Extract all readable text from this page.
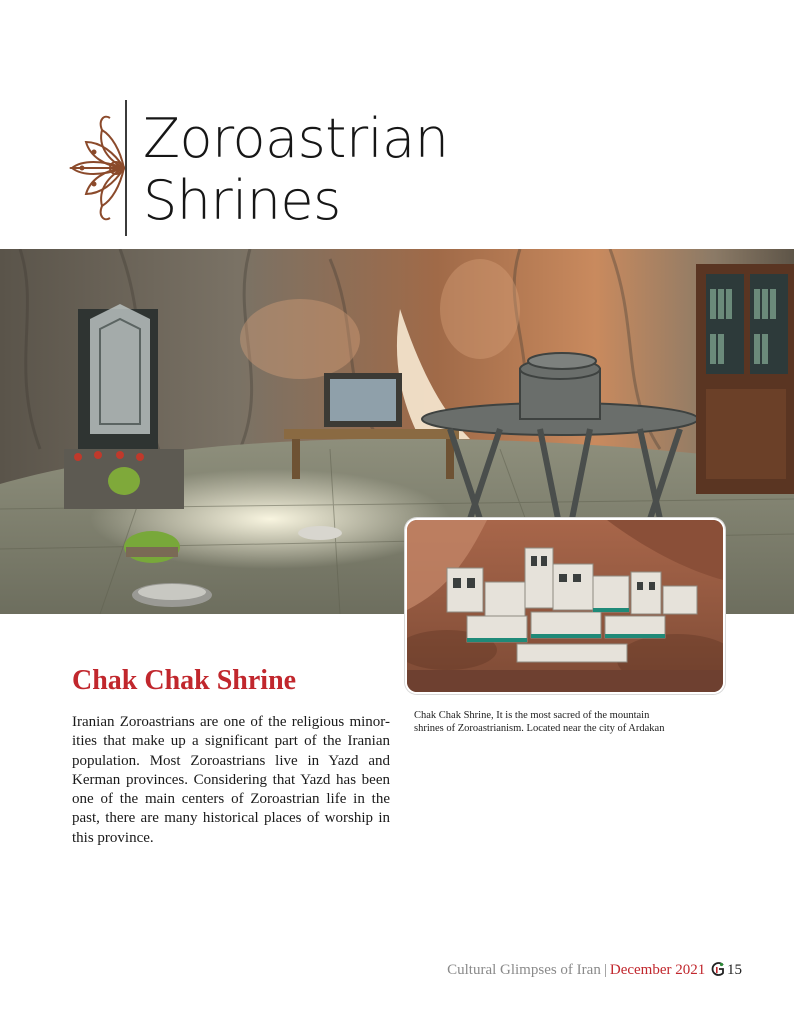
Zoroastrian
Shrines
Chak Chak Shrine
Chak Chak Shrine, It is the most sacred of the mountain
shrines of Zoroastrianism. Located near the city of Ardakan
Iranian Zoroastrians are one of the religious minor-
ities that make up a significant part of the Iranian
population. Most Zoroastrians live in Yazd and
Kerman provinces. Considering that Yazd has been
one of the main centers of Zoroastrian life in the
past, there are many historical places of worship in
this province.
Cultural Glimpses of Iran | December 2021 15
